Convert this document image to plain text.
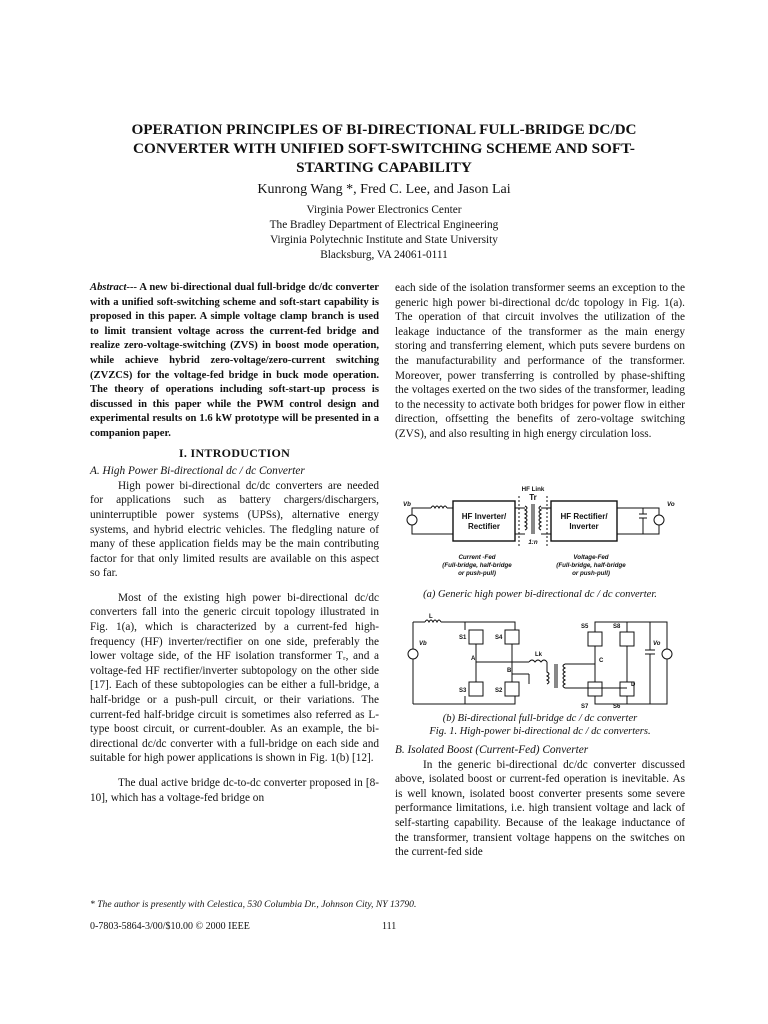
OPERATION PRINCIPLES OF BI-DIRECTIONAL FULL-BRIDGE DC/DC
CONVERTER WITH UNIFIED SOFT-SWITCHING SCHEME AND SOFT-
STARTING CAPABILITY
Kunrong Wang *, Fred C. Lee, and Jason Lai
Virginia Power Electronics Center
The Bradley Department of Electrical Engineering
Virginia Polytechnic Institute and State University
Blacksburg, VA 24061-0111

Abstract--- A new bi-directional dual full-bridge dc/dc converter with a unified soft-switching scheme and soft-start capability is proposed in this paper. A simple voltage clamp branch is used to limit transient voltage across the current-fed bridge and realize zero-voltage-switching (ZVS) in boost mode operation, while achieve hybrid zero-voltage/zero-current switching (ZVZCS) for the voltage-fed bridge in buck mode operation. The theory of operations including soft-start-up process is discussed in this paper while the PWM control design and experimental results on 1.6 kW prototype will be presented in a companion paper.

I. INTRODUCTION

A. High Power Bi-directional dc / dc Converter

High power bi-directional dc/dc converters are needed for applications such as battery chargers/dischargers, uninterruptible power systems (UPSs), alternative energy systems, and hybrid electric vehicles. The fledgling nature of many of these application fields may be the main contributing factor for that only limited results are available on this aspect so far.

Most of the existing high power bi-directional dc/dc converters fall into the generic circuit topology illustrated in Fig. 1(a), which is characterized by a current-fed high-frequency (HF) inverter/rectifier on one side, preferably the lower voltage side, of the HF isolation transformer Tᵣ, and a voltage-fed HF rectifier/inverter subtopology on the other side [17]. Each of these subtopologies can be either a full-bridge, a half-bridge or a push-pull circuit, or their variations. The current-fed half-bridge circuit is sometimes also referred as L-type boost circuit, or current-doubler. As an example, the bi-directional dc/dc converter with a full-bridge on each side and suitable for high power applications is shown in Fig. 1(b) [12].

The dual active bridge dc-to-dc converter proposed in [8-10], which has a voltage-fed bridge on

each side of the isolation transformer seems an exception to the generic high power bi-directional dc/dc topology in Fig. 1(a). The operation of that circuit involves the utilization of the leakage inductance of the transformer as the main energy storing and transferring element, which puts severe burdens on the manufacturability and performance of the transformer. Moreover, power transferring is controlled by phase-shifting the voltages exerted on the two sides of the transformer, leading to the necessity to activate both bridges for power flow in either direction, offsetting the benefits of zero-voltage switching (ZVS), and also resulting in high energy circulation loss.

HF Link
Tr
1:n
Vb	Vo
HF Inverter/
Rectifier
HF Rectifier/
Inverter
Current -Fed
(Full-bridge, half-bridge
or push-pull)
Voltage-Fed
(Full-bridge, half-bridge
or push-pull)
(a) Generic high power bi-directional dc / dc converter.
L
Vb	Vo
Lk
S1	S4
S3	S2
S5	S8
S7	S6
A
B
C
D
(b) Bi-directional full-bridge dc / dc converter
Fig. 1. High-power bi-directional dc / dc converters.

B. Isolated Boost (Current-Fed) Converter

In the generic bi-directional dc/dc converter discussed above, isolated boost or current-fed operation is inevitable. As is well known, isolated boost converter presents some severe performance limitations, i.e. high transient voltage and lack of self-starting capability. Because of the leakage inductance of the transformer, transient voltage happens on the switches on the current-fed side

* The author is presently with Celestica, 530 Columbia Dr., Johnson City, NY 13790.
0-7803-5864-3/00/$10.00 © 2000 IEEE	111
